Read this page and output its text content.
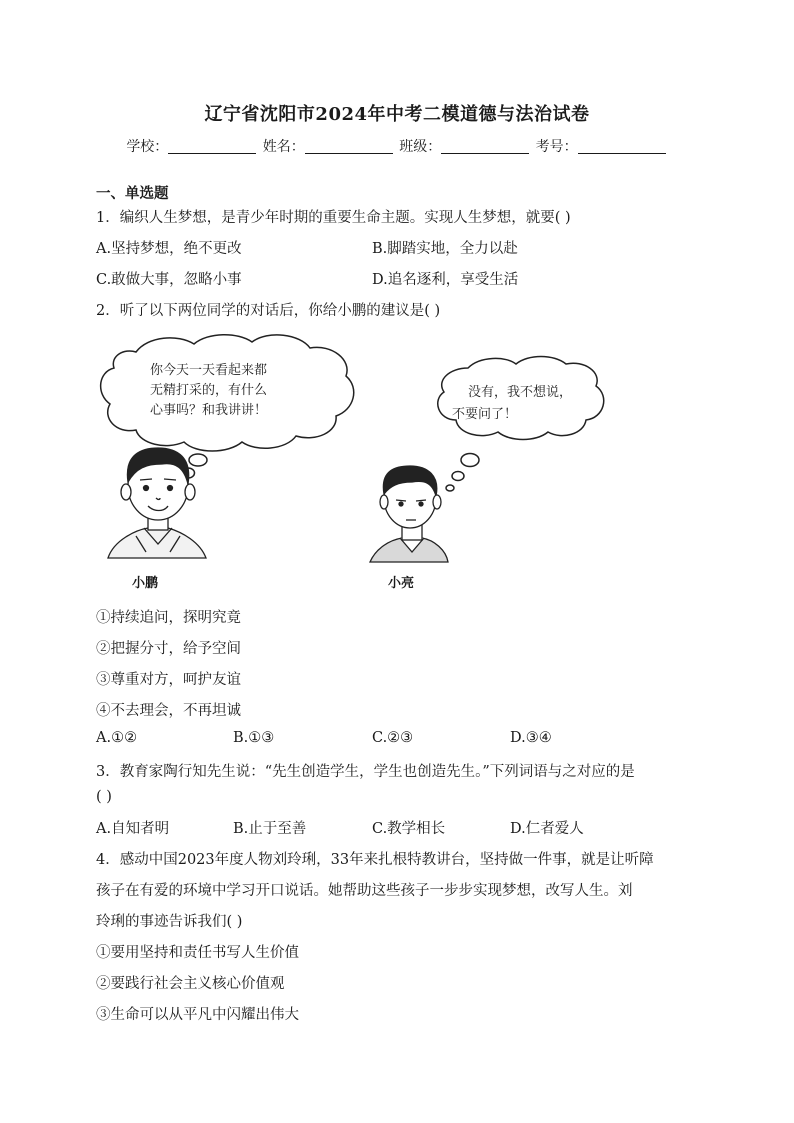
辽宁省沈阳市2024年中考二模道德与法治试卷
学校：	姓名：	班级：	考号：
一、单选题
1．编织人生梦想，是青少年时期的重要生命主题。实现人生梦想，就要( )
A.坚持梦想，绝不更改	B.脚踏实地，全力以赴
C.敢做大事，忽略小事	D.追名逐利，享受生活
2．听了以下两位同学的对话后，你给小鹏的建议是( )
你今天一天看起来都
无精打采的，有什么
心事吗？和我讲讲！
没有，我不想说，
不要问了！
小鹏	小亮
①持续追问，探明究竟
②把握分寸，给予空间
③尊重对方，呵护友谊
④不去理会，不再坦诚
A.①②	B.①③	C.②③	D.③④
3．教育家陶行知先生说：“先生创造学生，学生也创造先生。”下列词语与之对应的是
( )
A.自知者明	B.止于至善	C.教学相长	D.仁者爱人
4．感动中国2023年度人物刘玲琍，33年来扎根特教讲台，坚持做一件事，就是让听障
孩子在有爱的环境中学习开口说话。她帮助这些孩子一步步实现梦想，改写人生。刘
玲琍的事迹告诉我们( )
①要用坚持和责任书写人生价值
②要践行社会主义核心价值观
③生命可以从平凡中闪耀出伟大
